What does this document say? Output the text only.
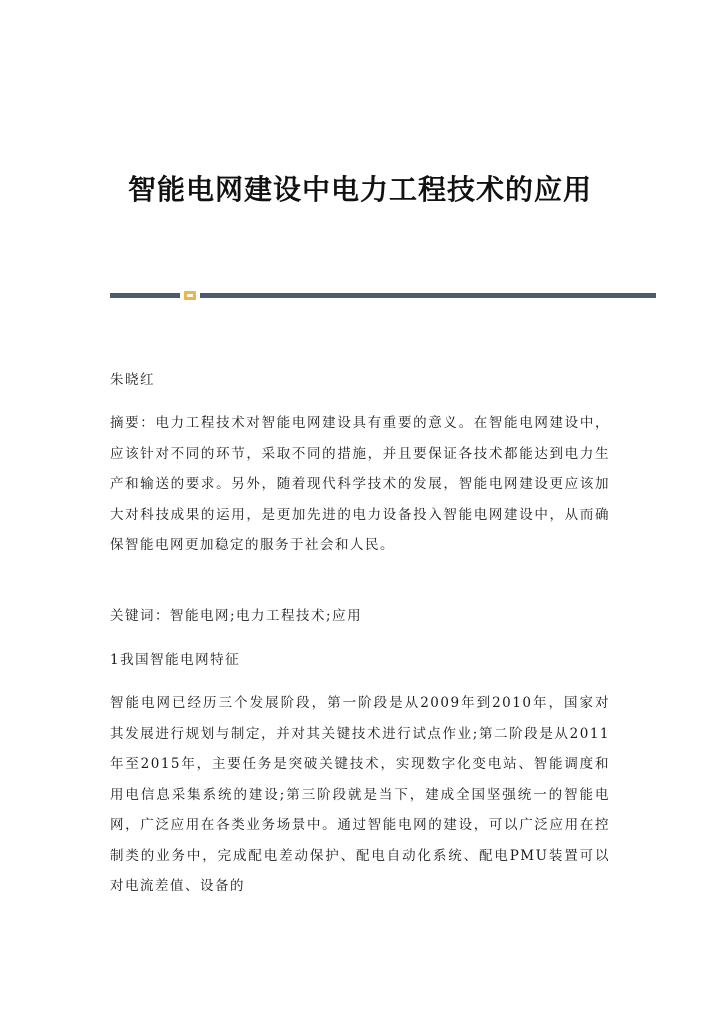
智能电网建设中电力工程技术的应用

朱晓红

摘要：电力工程技术对智能电网建设具有重要的意义。在智能电网建设中，应该针对不同的环节，采取不同的措施，并且要保证各技术都能达到电力生产和输送的要求。另外，随着现代科学技术的发展，智能电网建设更应该加大对科技成果的运用，是更加先进的电力设备投入智能电网建设中，从而确保智能电网更加稳定的服务于社会和人民。

关键词：智能电网;电力工程技术;应用

1我国智能电网特征

智能电网已经历三个发展阶段，第一阶段是从2009年到2010年，国家对其发展进行规划与制定，并对其关键技术进行试点作业;第二阶段是从2011年至2015年，主要任务是突破关键技术，实现数字化变电站、智能调度和用电信息采集系统的建设;第三阶段就是当下，建成全国坚强统一的智能电网，广泛应用在各类业务场景中。通过智能电网的建设，可以广泛应用在控制类的业务中，完成配电差动保护、配电自动化系统、配电PMU装置可以对电流差值、设备的
